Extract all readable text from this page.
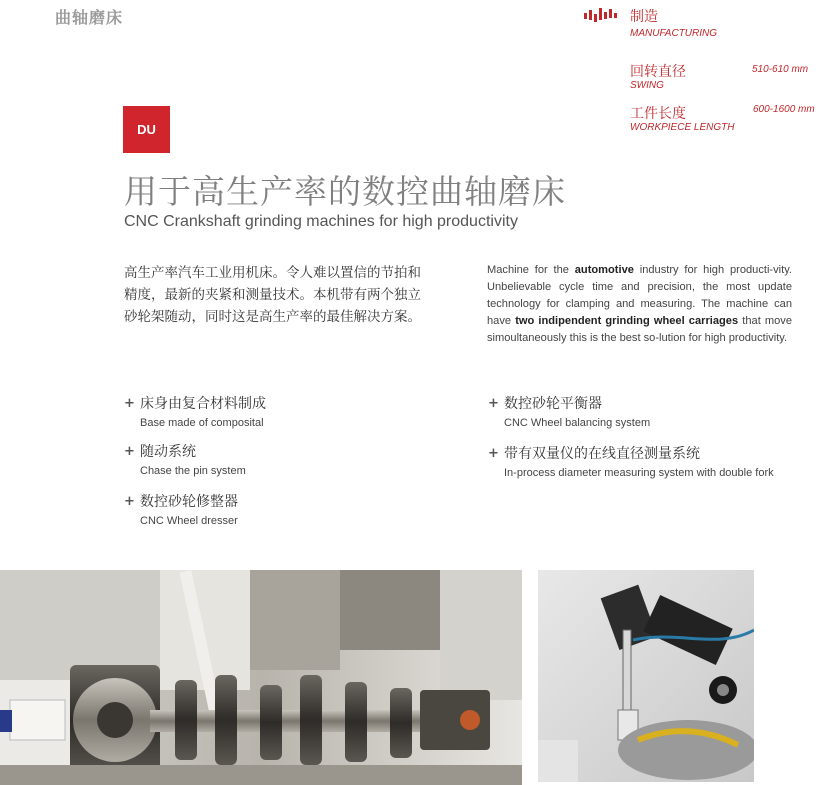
曲轴磨床	制造
MANUFACTURING
回转直径
SWING
510-610 mm
工件长度
WORKPIECE LENGTH
600-1600 mm
DU
用于高生产率的数控曲轴磨床
CNC Crankshaft grinding machines for high productivity
高生产率汽车工业用机床。令人难以置信的节拍和精度，最新的夹紧和测量技术。本机带有两个独立砂轮架随动，同时这是高生产率的最佳解决方案。
Machine for the automotive industry for high producti-vity. Unbelievable cycle time and precision, the most update technology for clamping and measuring. The machine can have two indipendent grinding wheel carriages that move simoultaneously this is the best so-lution for high productivity.
+ 床身由复合材料制成
Base made of composital
+ 随动系统
Chase the pin system
+ 数控砂轮修整器
CNC Wheel dresser
+ 数控砂轮平衡器
CNC Wheel balancing system
+ 带有双量仪的在线直径测量系统
In-process diameter measuring system with double fork
